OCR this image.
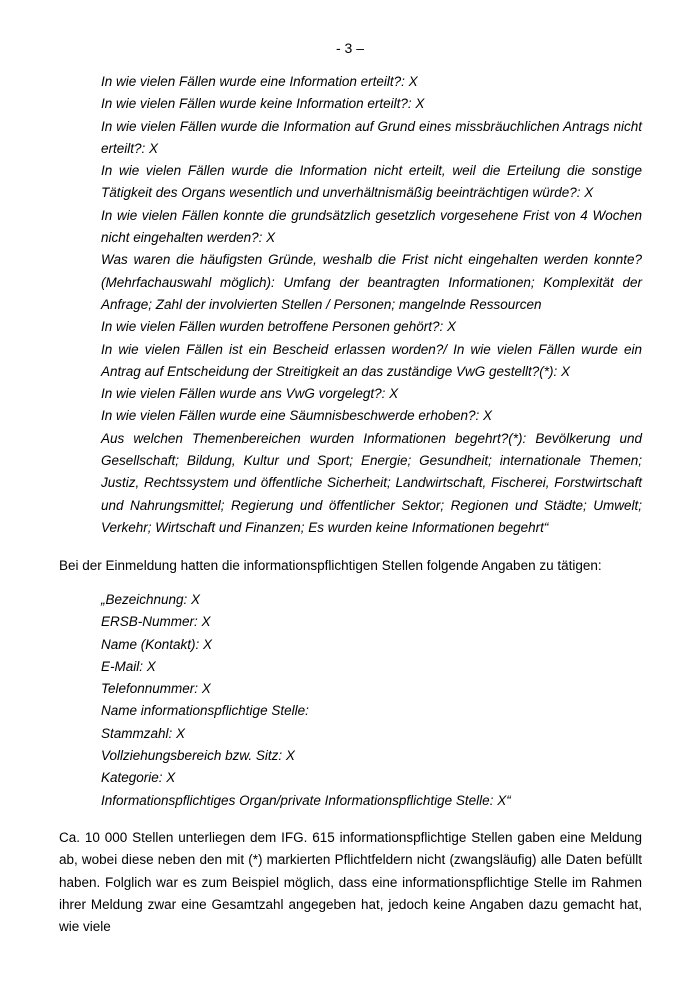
- 3 –

In wie vielen Fällen wurde eine Information erteilt?: X

In wie vielen Fällen wurde keine Information erteilt?: X

In wie vielen Fällen wurde die Information auf Grund eines missbräuchlichen Antrags nicht erteilt?: X

In wie vielen Fällen wurde die Information nicht erteilt, weil die Erteilung die sonstige Tätigkeit des Organs wesentlich und unverhältnismäßig beeinträchtigen würde?: X

In wie vielen Fällen konnte die grundsätzlich gesetzlich vorgesehene Frist von 4 Wochen nicht eingehalten werden?: X

Was waren die häufigsten Gründe, weshalb die Frist nicht eingehalten werden konnte? (Mehrfachauswahl möglich): Umfang der beantragten Informationen; Komplexität der Anfrage; Zahl der involvierten Stellen / Personen; mangelnde Ressourcen

In wie vielen Fällen wurden betroffene Personen gehört?: X

In wie vielen Fällen ist ein Bescheid erlassen worden?/ In wie vielen Fällen wurde ein Antrag auf Entscheidung der Streitigkeit an das zuständige VwG gestellt?(*): X

In wie vielen Fällen wurde ans VwG vorgelegt?: X

In wie vielen Fällen wurde eine Säumnisbeschwerde erhoben?: X

Aus welchen Themenbereichen wurden Informationen begehrt?(*): Bevölkerung und Gesellschaft; Bildung, Kultur und Sport; Energie; Gesundheit; internationale Themen; Justiz, Rechtssystem und öffentliche Sicherheit; Landwirtschaft, Fischerei, Forstwirtschaft und Nahrungsmittel; Regierung und öffentlicher Sektor; Regionen und Städte; Umwelt; Verkehr; Wirtschaft und Finanzen; Es wurden keine Informationen begehrt“

Bei der Einmeldung hatten die informationspflichtigen Stellen folgende Angaben zu tätigen:

„Bezeichnung: X

ERSB-Nummer: X

Name (Kontakt): X

E-Mail: X

Telefonnummer: X

Name informationspflichtige Stelle:

Stammzahl: X

Vollziehungsbereich bzw. Sitz: X

Kategorie: X

Informationspflichtiges Organ/private Informationspflichtige Stelle: X“

Ca. 10 000 Stellen unterliegen dem IFG. 615 informationspflichtige Stellen gaben eine Meldung ab, wobei diese neben den mit (*) markierten Pflichtfeldern nicht (zwangsläufig) alle Daten befüllt haben. Folglich war es zum Beispiel möglich, dass eine informationspflichtige Stelle im Rahmen ihrer Meldung zwar eine Gesamtzahl angegeben hat, jedoch keine Angaben dazu gemacht hat, wie viele
